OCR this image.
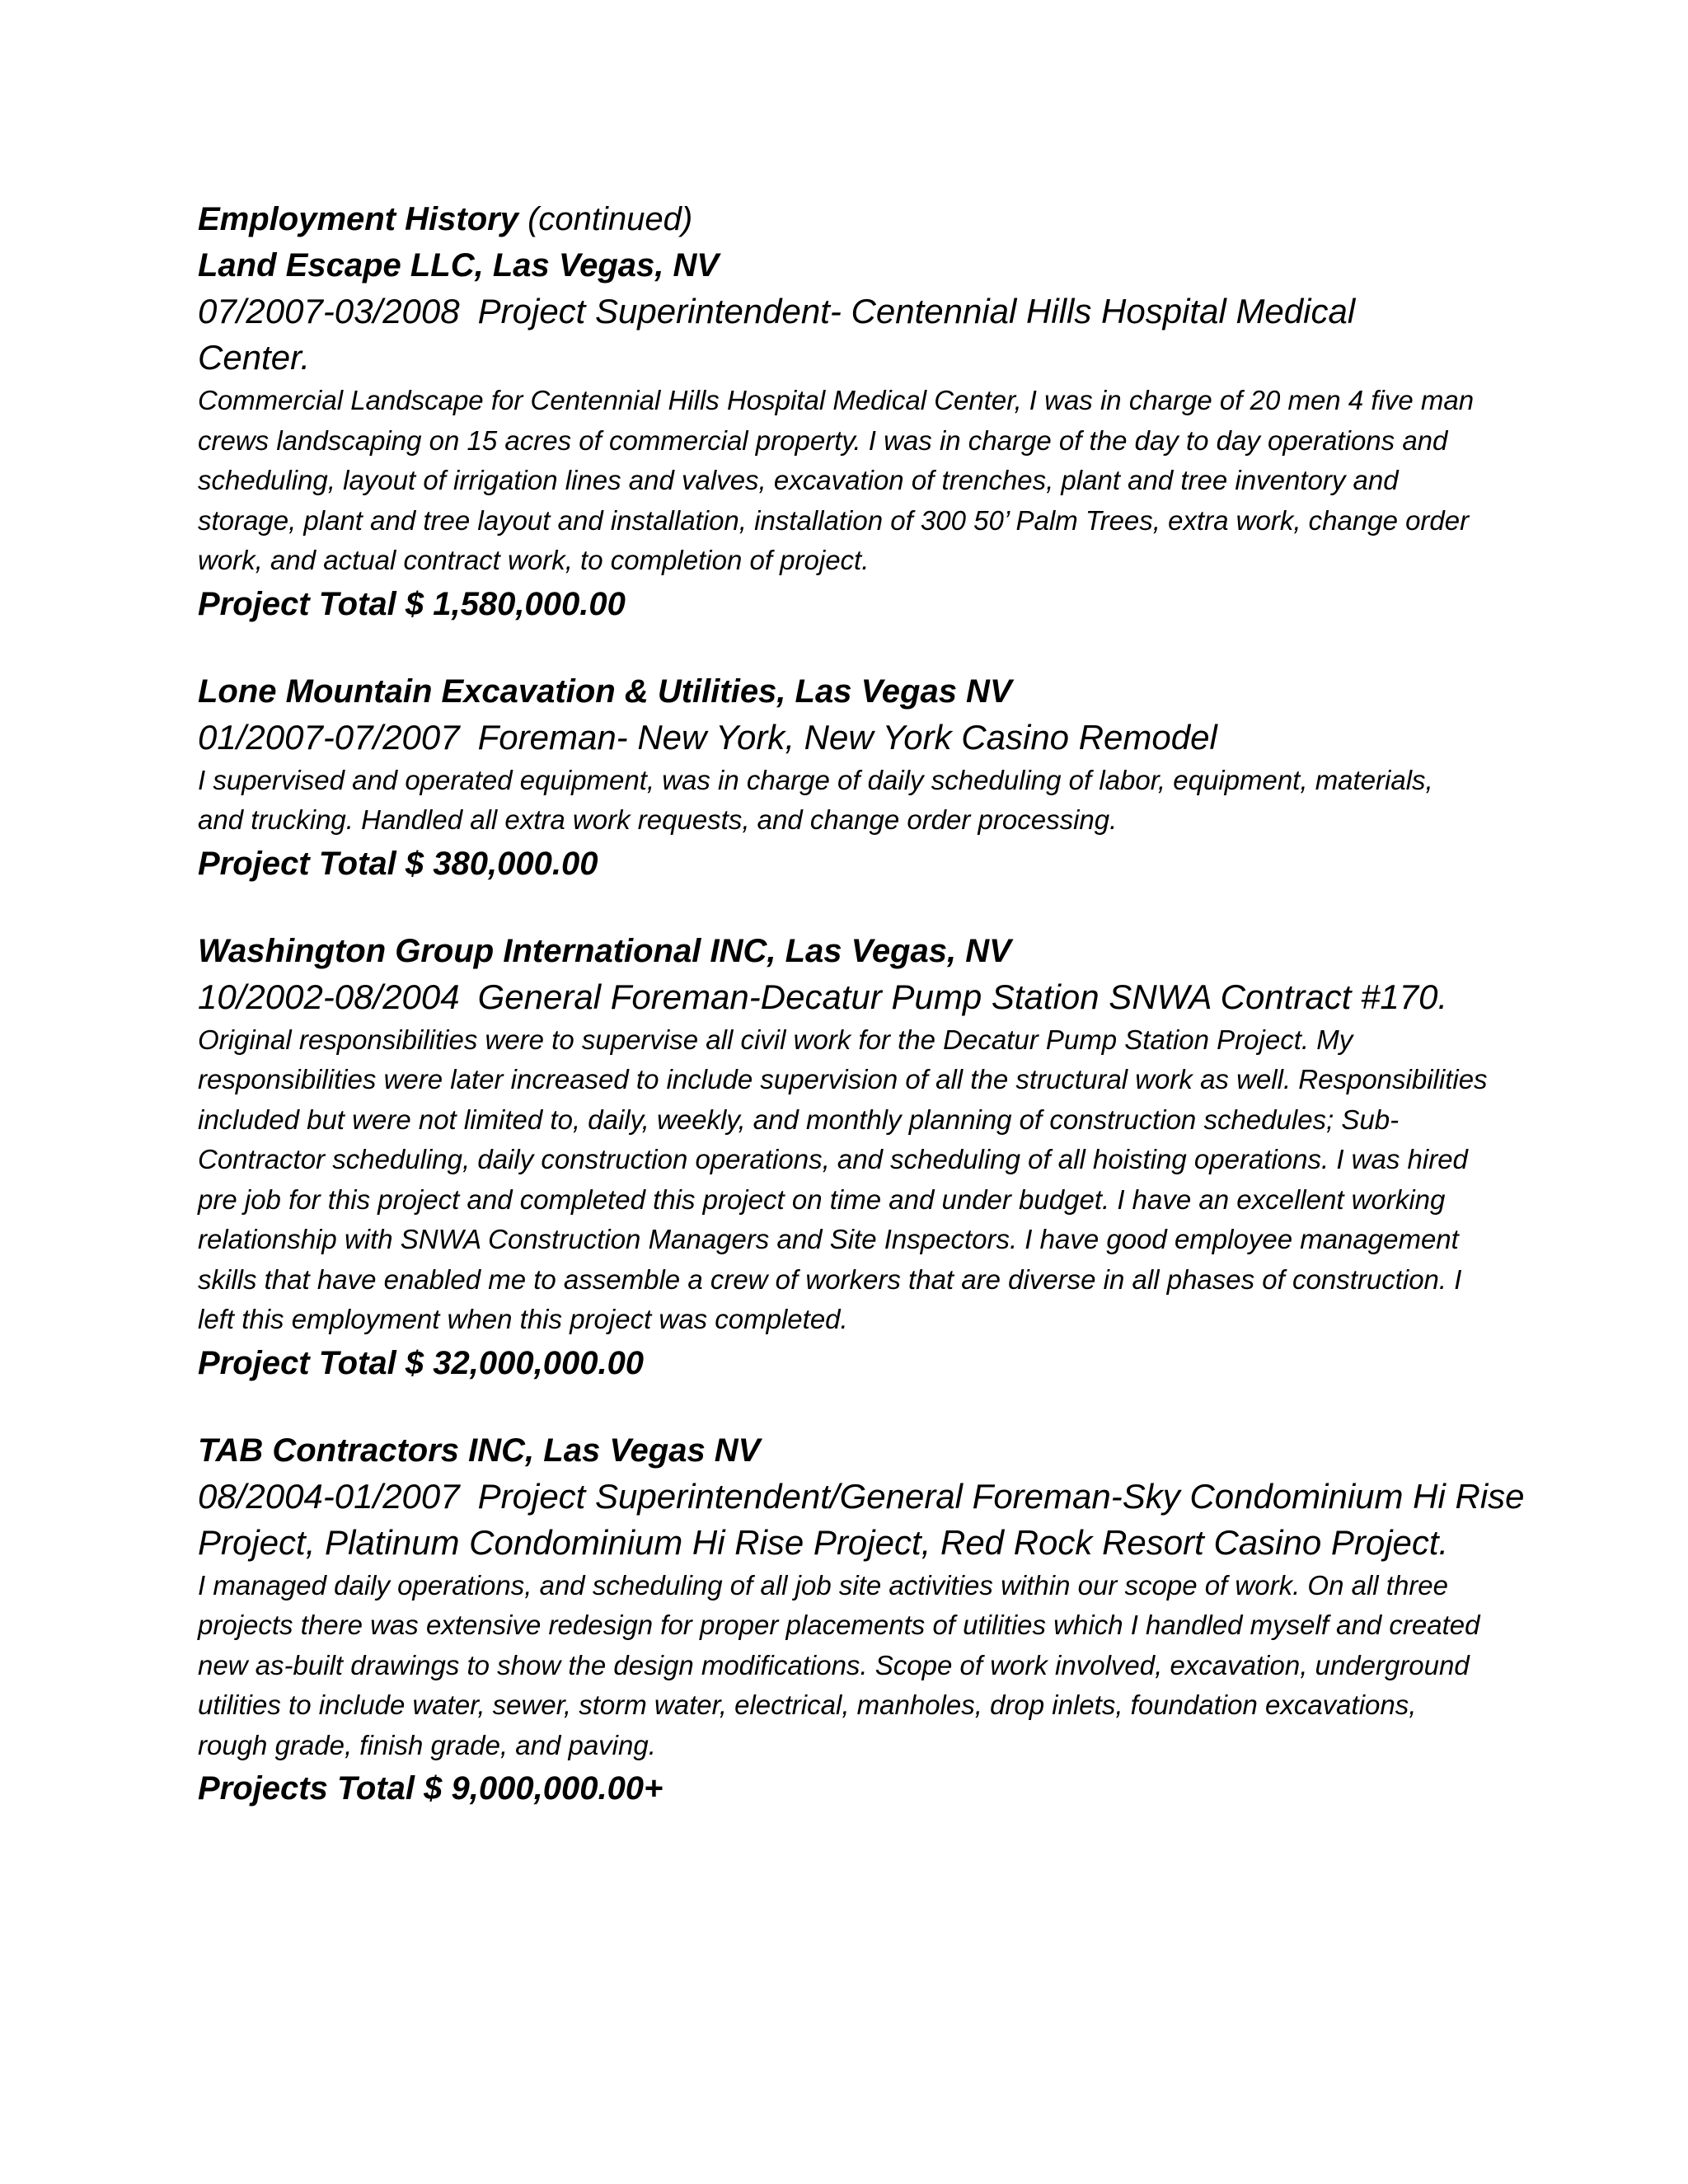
Employment History (continued)
Land Escape LLC, Las Vegas, NV
07/2007-03/2008 Project Superintendent- Centennial Hills Hospital Medical Center.
Commercial Landscape for Centennial Hills Hospital Medical Center, I was in charge of 20 men 4 five man crews landscaping on 15 acres of commercial property. I was in charge of the day to day operations and scheduling, layout of irrigation lines and valves, excavation of trenches, plant and tree inventory and storage, plant and tree layout and installation, installation of 300 50’ Palm Trees, extra work, change order work, and actual contract work, to completion of project.
Project Total $ 1,580,000.00
Lone Mountain Excavation & Utilities, Las Vegas NV
01/2007-07/2007 Foreman- New York, New York Casino Remodel
I supervised and operated equipment, was in charge of daily scheduling of labor, equipment, materials, and trucking. Handled all extra work requests, and change order processing.
Project Total $ 380,000.00
Washington Group International INC, Las Vegas, NV
10/2002-08/2004 General Foreman-Decatur Pump Station SNWA Contract #170.
Original responsibilities were to supervise all civil work for the Decatur Pump Station Project. My responsibilities were later increased to include supervision of all the structural work as well. Responsibilities included but were not limited to, daily, weekly, and monthly planning of construction schedules; Sub-Contractor scheduling, daily construction operations, and scheduling of all hoisting operations. I was hired pre job for this project and completed this project on time and under budget. I have an excellent working relationship with SNWA Construction Managers and Site Inspectors. I have good employee management skills that have enabled me to assemble a crew of workers that are diverse in all phases of construction. I left this employment when this project was completed.
Project Total $ 32,000,000.00
TAB Contractors INC, Las Vegas NV
08/2004-01/2007 Project Superintendent/General Foreman-Sky Condominium Hi Rise Project, Platinum Condominium Hi Rise Project, Red Rock Resort Casino Project.
I managed daily operations, and scheduling of all job site activities within our scope of work. On all three projects there was extensive redesign for proper placements of utilities which I handled myself and created new as-built drawings to show the design modifications. Scope of work involved, excavation, underground utilities to include water, sewer, storm water, electrical, manholes, drop inlets, foundation excavations, rough grade, finish grade, and paving.
Projects Total $ 9,000,000.00+
